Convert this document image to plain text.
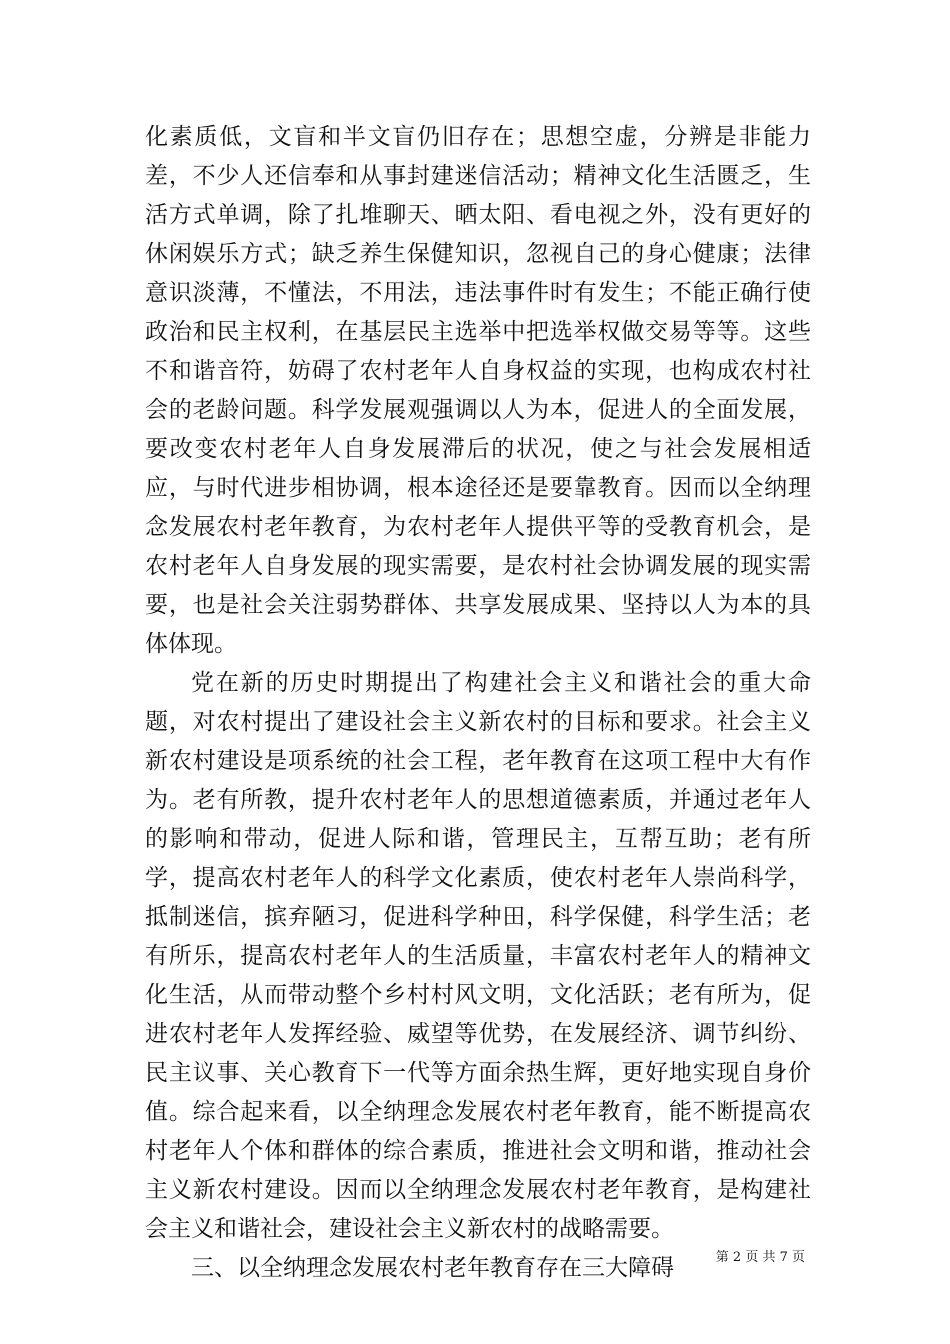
化素质低，文盲和半文盲仍旧存在；思想空虚，分辨是非能力差，不少人还信奉和从事封建迷信活动；精神文化生活匮乏，生活方式单调，除了扎堆聊天、晒太阳、看电视之外，没有更好的休闲娱乐方式；缺乏养生保健知识，忽视自己的身心健康；法律意识淡薄，不懂法，不用法，违法事件时有发生；不能正确行使政治和民主权利，在基层民主选举中把选举权做交易等等。这些不和谐音符，妨碍了农村老年人自身权益的实现，也构成农村社会的老龄问题。科学发展观强调以人为本，促进人的全面发展，要改变农村老年人自身发展滞后的状况，使之与社会发展相适应，与时代进步相协调，根本途径还是要靠教育。因而以全纳理念发展农村老年教育，为农村老年人提供平等的受教育机会，是农村老年人自身发展的现实需要，是农村社会协调发展的现实需要，也是社会关注弱势群体、共享发展成果、坚持以人为本的具体体现。

党在新的历史时期提出了构建社会主义和谐社会的重大命题，对农村提出了建设社会主义新农村的目标和要求。社会主义新农村建设是项系统的社会工程，老年教育在这项工程中大有作为。老有所教，提升农村老年人的思想道德素质，并通过老年人的影响和带动，促进人际和谐，管理民主，互帮互助；老有所学，提高农村老年人的科学文化素质，使农村老年人崇尚科学，抵制迷信，摈弃陋习，促进科学种田，科学保健，科学生活；老有所乐，提高农村老年人的生活质量，丰富农村老年人的精神文化生活，从而带动整个乡村村风文明，文化活跃；老有所为，促进农村老年人发挥经验、威望等优势，在发展经济、调节纠纷、民主议事、关心教育下一代等方面余热生辉，更好地实现自身价值。综合起来看，以全纳理念发展农村老年教育，能不断提高农村老年人个体和群体的综合素质，推进社会文明和谐，推动社会主义新农村建设。因而以全纳理念发展农村老年教育，是构建社会主义和谐社会，建设社会主义新农村的战略需要。

三、以全纳理念发展农村老年教育存在三大障碍	第 2 页 共 7 页
